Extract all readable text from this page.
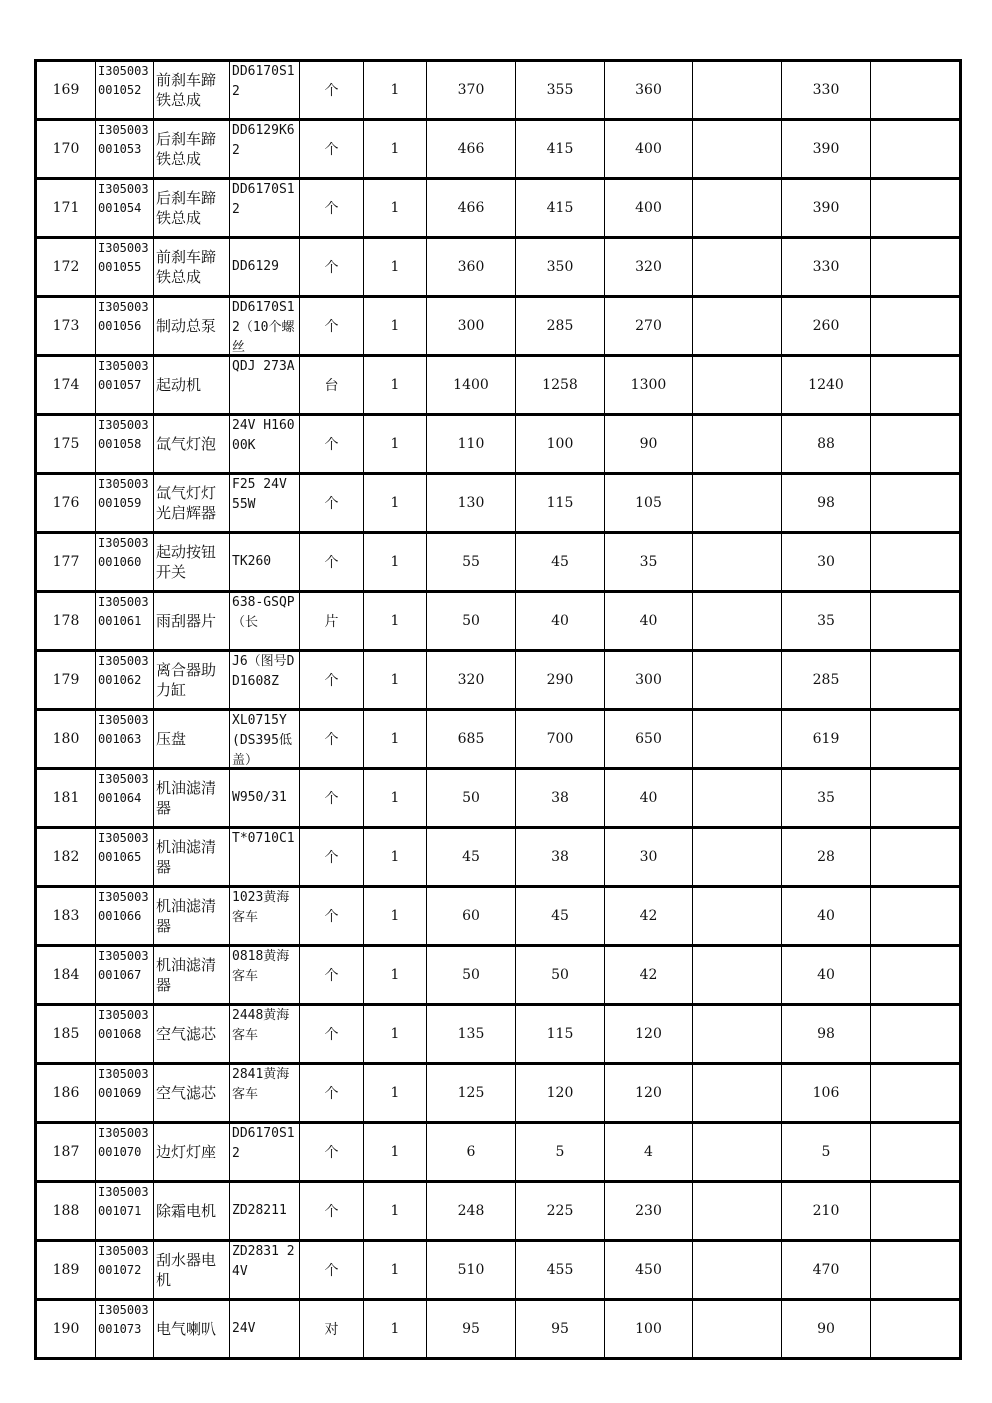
169	I305003001052	前刹车蹄铁总成	DD6170S12	个	1	370	355	360		330	
170	I305003001053	后刹车蹄铁总成	DD6129K62	个	1	466	415	400		390	
171	I305003001054	后刹车蹄铁总成	DD6170S12	个	1	466	415	400		390	
172	I305003001055	前刹车蹄铁总成	DD6129	个	1	360	350	320		330	
173	I305003001056	制动总泵	DD6170S12（10个螺丝	个	1	300	285	270		260	
174	I305003001057	起动机	QDJ 273A	台	1	1400	1258	1300		1240	
175	I305003001058	氙气灯泡	24V H16000K	个	1	110	100	90		88	
176	I305003001059	氙气灯灯光启辉器	F25 24V 55W	个	1	130	115	105		98	
177	I305003001060	起动按钮开关	TK260	个	1	55	45	35		30	
178	I305003001061	雨刮器片	638-GSQP（长	片	1	50	40	40		35	
179	I305003001062	离合器助力缸	J6（图号DD1608Z	个	1	320	290	300		285	
180	I305003001063	压盘	XL0715Y(DS395低盖）	个	1	685	700	650		619	
181	I305003001064	机油滤清器	W950/31	个	1	50	38	40		35	
182	I305003001065	机油滤清器	T*0710C1	个	1	45	38	30		28	
183	I305003001066	机油滤清器	1023黄海客车	个	1	60	45	42		40	
184	I305003001067	机油滤清器	0818黄海客车	个	1	50	50	42		40	
185	I305003001068	空气滤芯	2448黄海客车	个	1	135	115	120		98	
186	I305003001069	空气滤芯	2841黄海客车	个	1	125	120	120		106	
187	I305003001070	边灯灯座	DD6170S12	个	1	6	5	4		5	
188	I305003001071	除霜电机	ZD28211	个	1	248	225	230		210	
189	I305003001072	刮水器电机	ZD2831 24V	个	1	510	455	450		470	
190	I305003001073	电气喇叭	24V	对	1	95	95	100		90	
